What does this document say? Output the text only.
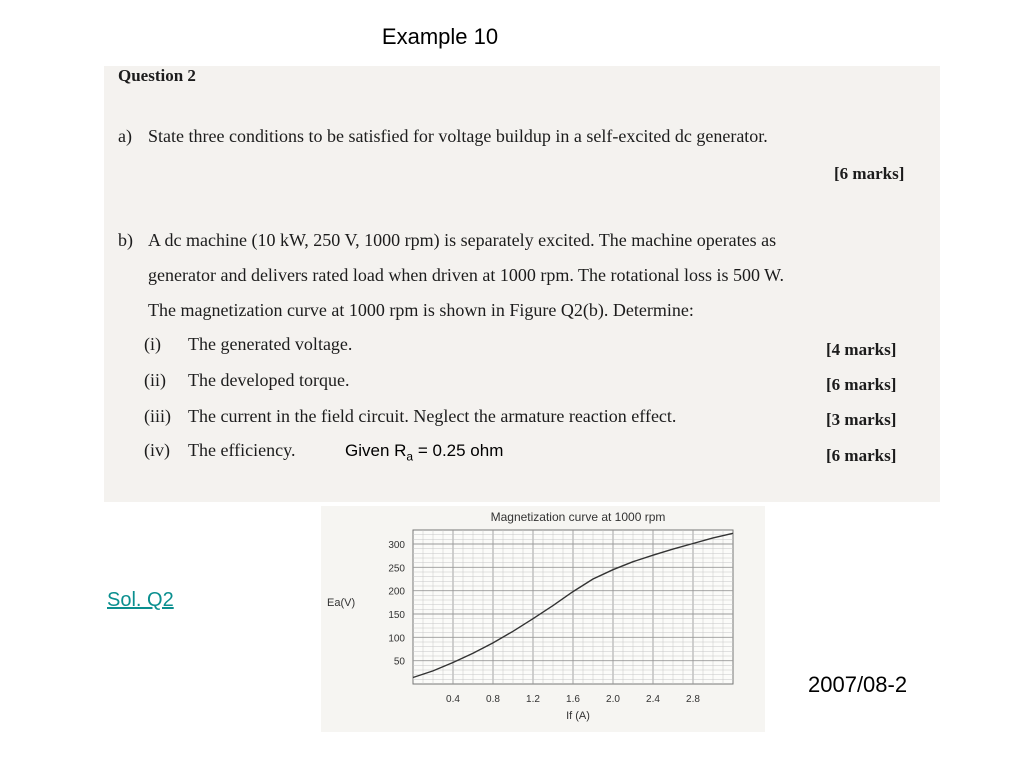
Example 10
Question 2
a) State three conditions to be satisfied for voltage buildup in a self-excited dc generator.
[6 marks]
b) A dc machine (10 kW, 250 V, 1000 rpm) is separately excited. The machine operates as
generator and delivers rated load when driven at 1000 rpm. The rotational loss is 500 W.
The magnetization curve at 1000 rpm is shown in Figure Q2(b). Determine:
(i) The generated voltage.	[4 marks]
(ii) The developed torque.	[6 marks]
(iii) The current in the field circuit. Neglect the armature reaction effect.	[3 marks]
(iv) The efficiency.	[6 marks]
Given $R_a = 0.25$ ohm
Sol. Q2
2007/08-2
Magnetization curve at 1000 rpm
0.4	0.8	1.2	1.6	2.0	2.4	2.8
50
100
150
200
250
300
Ea(V)
If (A)
